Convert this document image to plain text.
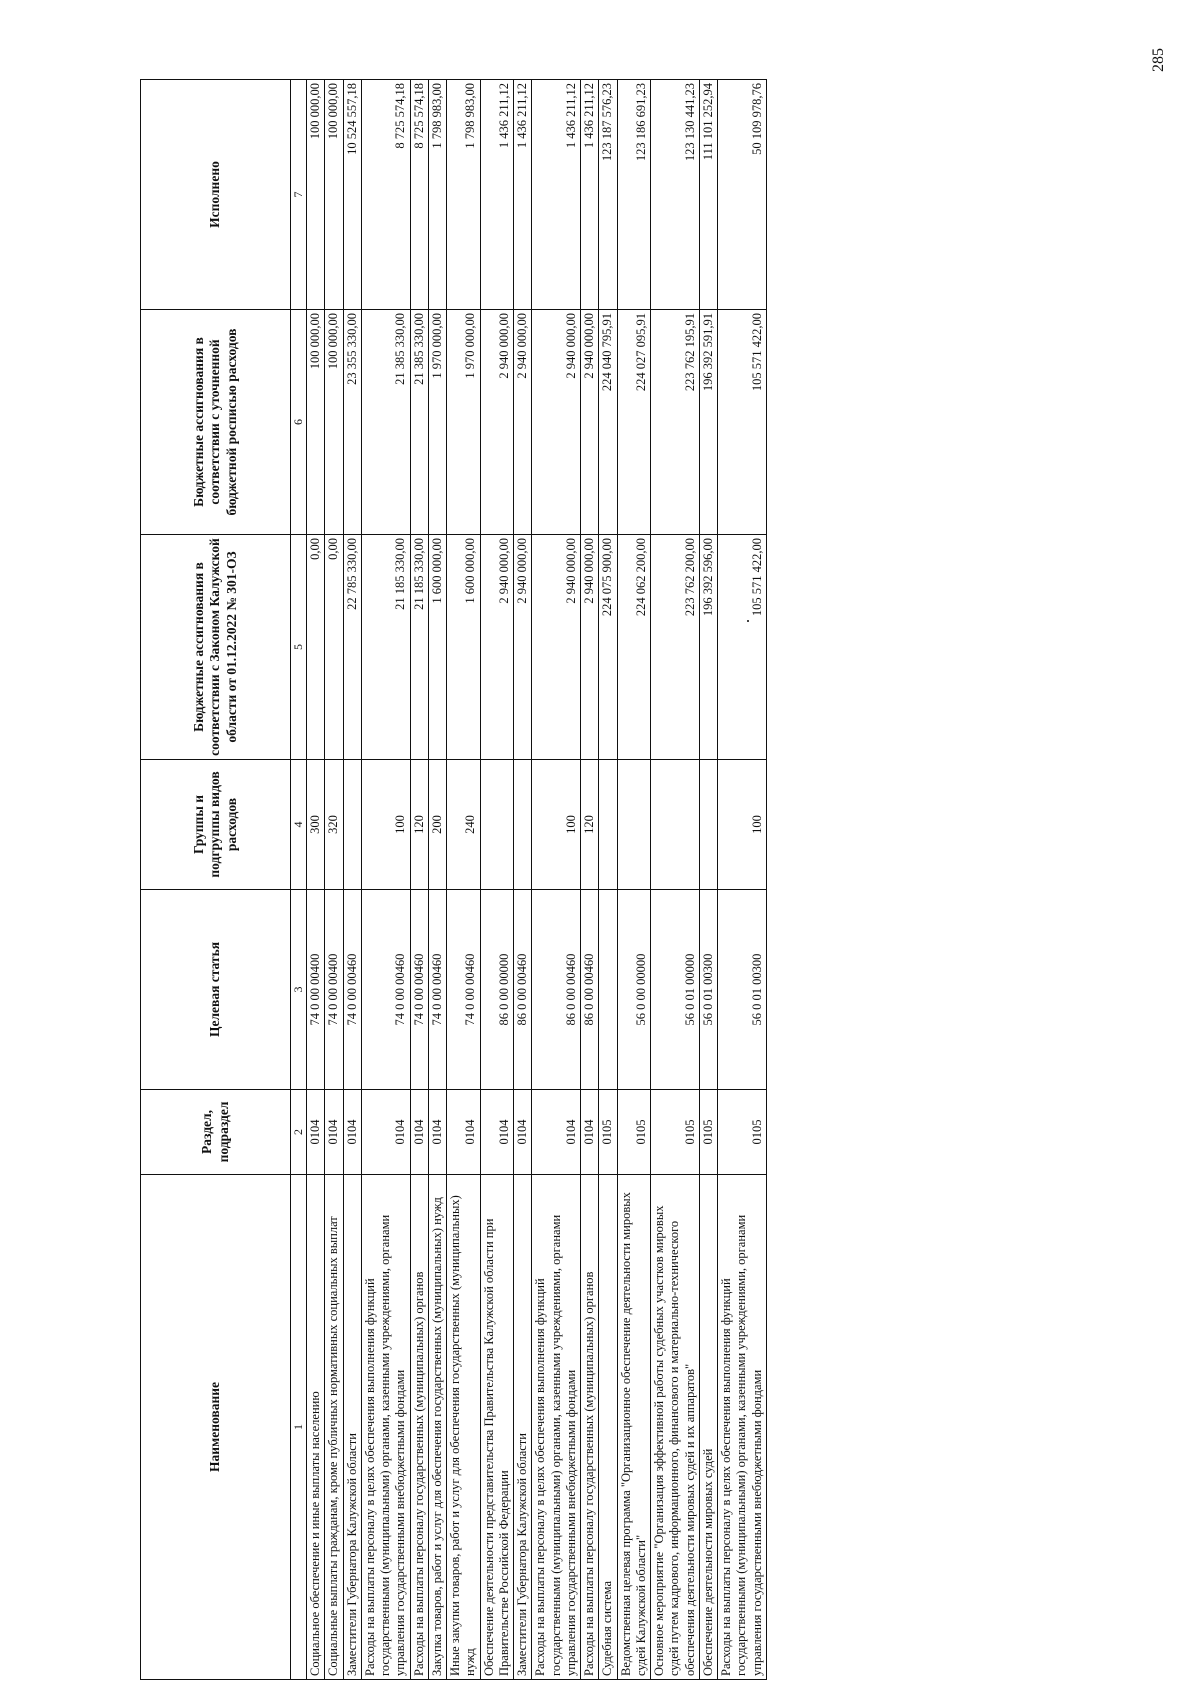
Наименование	Раздел, подраздел	Целевая статья	Группы и подгруппы видов расходов	Бюджетные ассигнования в соответствии с Законом Калужской области от 01.12.2022 № 301-ОЗ	Бюджетные ассигнования в соответствии с уточненной бюджетной росписью расходов	Исполнено
1	2	3	4	5	6	7
Социальное обеспечение и иные выплаты населению	0104	74 0 00 00400	300	0,00	100 000,00	100 000,00
Социальные выплаты гражданам, кроме публичных нормативных социальных выплат	0104	74 0 00 00400	320	0,00	100 000,00	100 000,00
Заместители Губернатора Калужской области	0104	74 0 00 00460		22 785 330,00	23 355 330,00	10 524 557,18
Расходы на выплаты персоналу в целях обеспечения выполнения функций государственными (муниципальными) органами, казенными учреждениями, органами управления государственными внебюджетными фондами	0104	74 0 00 00460	100	21 185 330,00	21 385 330,00	8 725 574,18
Расходы на выплаты персоналу государственных (муниципальных) органов	0104	74 0 00 00460	120	21 185 330,00	21 385 330,00	8 725 574,18
Закупка товаров, работ и услуг для обеспечения государственных (муниципальных) нужд	0104	74 0 00 00460	200	1 600 000,00	1 970 000,00	1 798 983,00
Иные закупки товаров, работ и услуг для обеспечения государственных (муниципальных) нужд	0104	74 0 00 00460	240	1 600 000,00	1 970 000,00	1 798 983,00
Обеспечение деятельности представительства Правительства Калужской области при Правительстве Российской Федерации	0104	86 0 00 00000		2 940 000,00	2 940 000,00	1 436 211,12
Заместители Губернатора Калужской области	0104	86 0 00 00460		2 940 000,00	2 940 000,00	1 436 211,12
Расходы на выплаты персоналу в целях обеспечения выполнения функций государственными (муниципальными) органами, казенными учреждениями, органами управления государственными внебюджетными фондами	0104	86 0 00 00460	100	2 940 000,00	2 940 000,00	1 436 211,12
Расходы на выплаты персоналу государственных (муниципальных) органов	0104	86 0 00 00460	120	2 940 000,00	2 940 000,00	1 436 211,12
Судебная система	0105			224 075 900,00	224 040 795,91	123 187 576,23
Ведомственная целевая программа "Организационное обеспечение деятельности мировых судей Калужской области"	0105	56 0 00 00000		224 062 200,00	224 027 095,91	123 186 691,23
Основное мероприятие "Организация эффективной работы судебных участков мировых судей путем кадрового, информационного, финансового и материально-технического обеспечения деятельности мировых судей и их аппаратов"	0105	56 0 01 00000		223 762 200,00	223 762 195,91	123 130 441,23
Обеспечение деятельности мировых судей	0105	56 0 01 00300		196 392 596,00	196 392 591,91	111 101 252,94
Расходы на выплаты персоналу в целях обеспечения выполнения функций государственными (муниципальными) органами, казенными учреждениями, органами управления государственными внебюджетными фондами	0105	56 0 01 00300	100	105 571 422,00	105 571 422,00	50 109 978,76
285
